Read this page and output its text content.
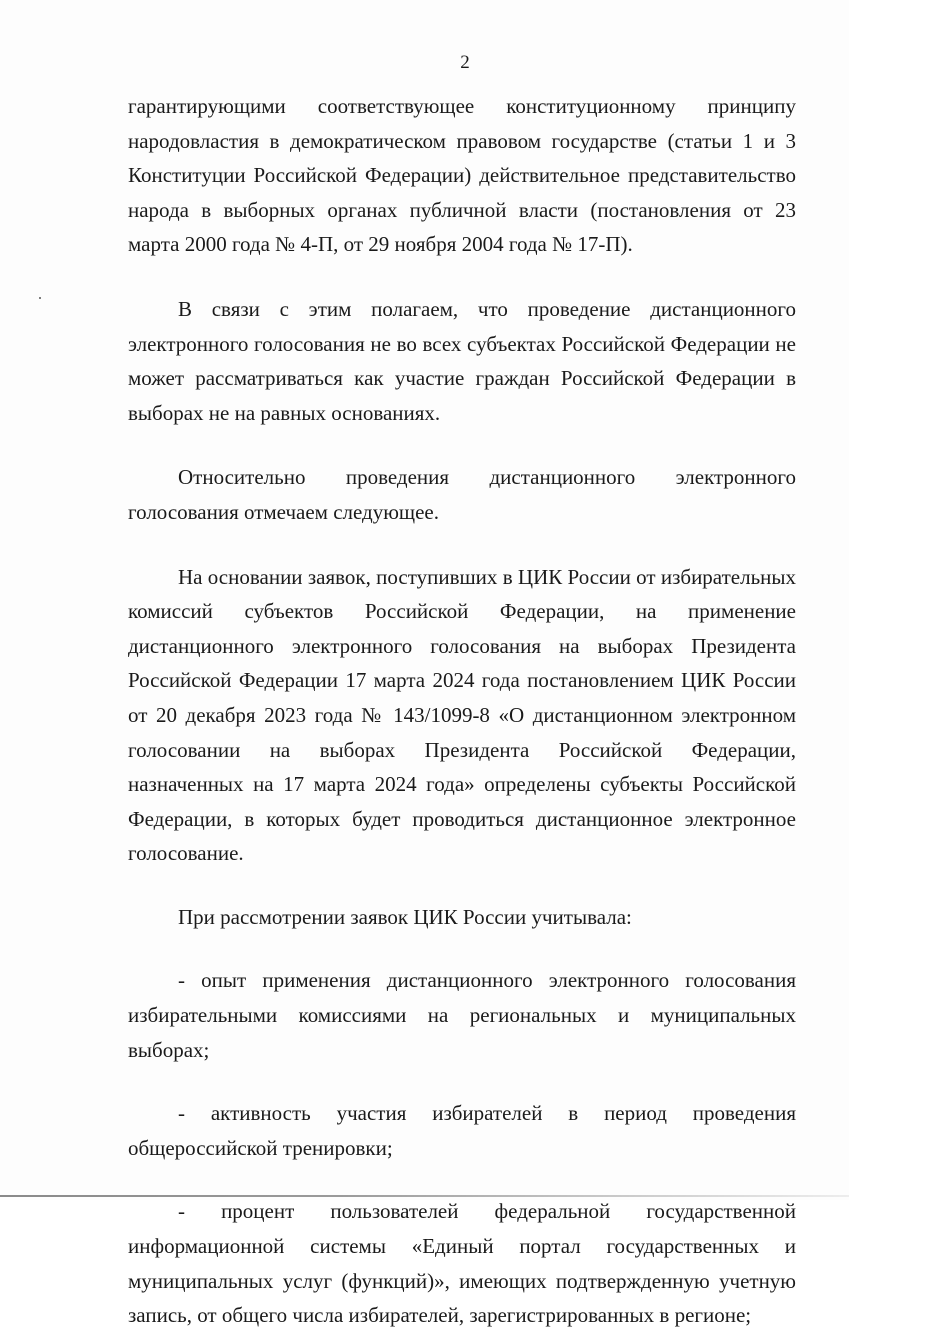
2

гарантирующими соответствующее конституционному принципу народовластия в демократическом правовом государстве (статьи 1 и 3 Конституции Российской Федерации) действительное представительство народа в выборных органах публичной власти (постановления от 23 марта 2000 года № 4-П, от 29 ноября 2004 года № 17-П).

В связи с этим полагаем, что проведение дистанционного электронного голосования не во всех субъектах Российской Федерации не может рассматриваться как участие граждан Российской Федерации в выборах не на равных основаниях.

Относительно проведения дистанционного электронного голосования отмечаем следующее.

На основании заявок, поступивших в ЦИК России от избирательных комиссий субъектов Российской Федерации, на применение дистанционного электронного голосования на выборах Президента Российской Федерации 17 марта 2024 года постановлением ЦИК России от 20 декабря 2023 года № 143/1099-8 «О дистанционном электронном голосовании на выборах Президента Российской Федерации, назначенных на 17 марта 2024 года» определены субъекты Российской Федерации, в которых будет проводиться дистанционное электронное голосование.

При рассмотрении заявок ЦИК России учитывала:

- опыт применения дистанционного электронного голосования избирательными комиссиями на региональных и муниципальных выборах;

- активность участия избирателей в период проведения общероссийской тренировки;

- процент пользователей федеральной государственной информационной системы «Единый портал государственных и муниципальных услуг (функций)», имеющих подтвержденную учетную запись, от общего числа избирателей, зарегистрированных в регионе;
